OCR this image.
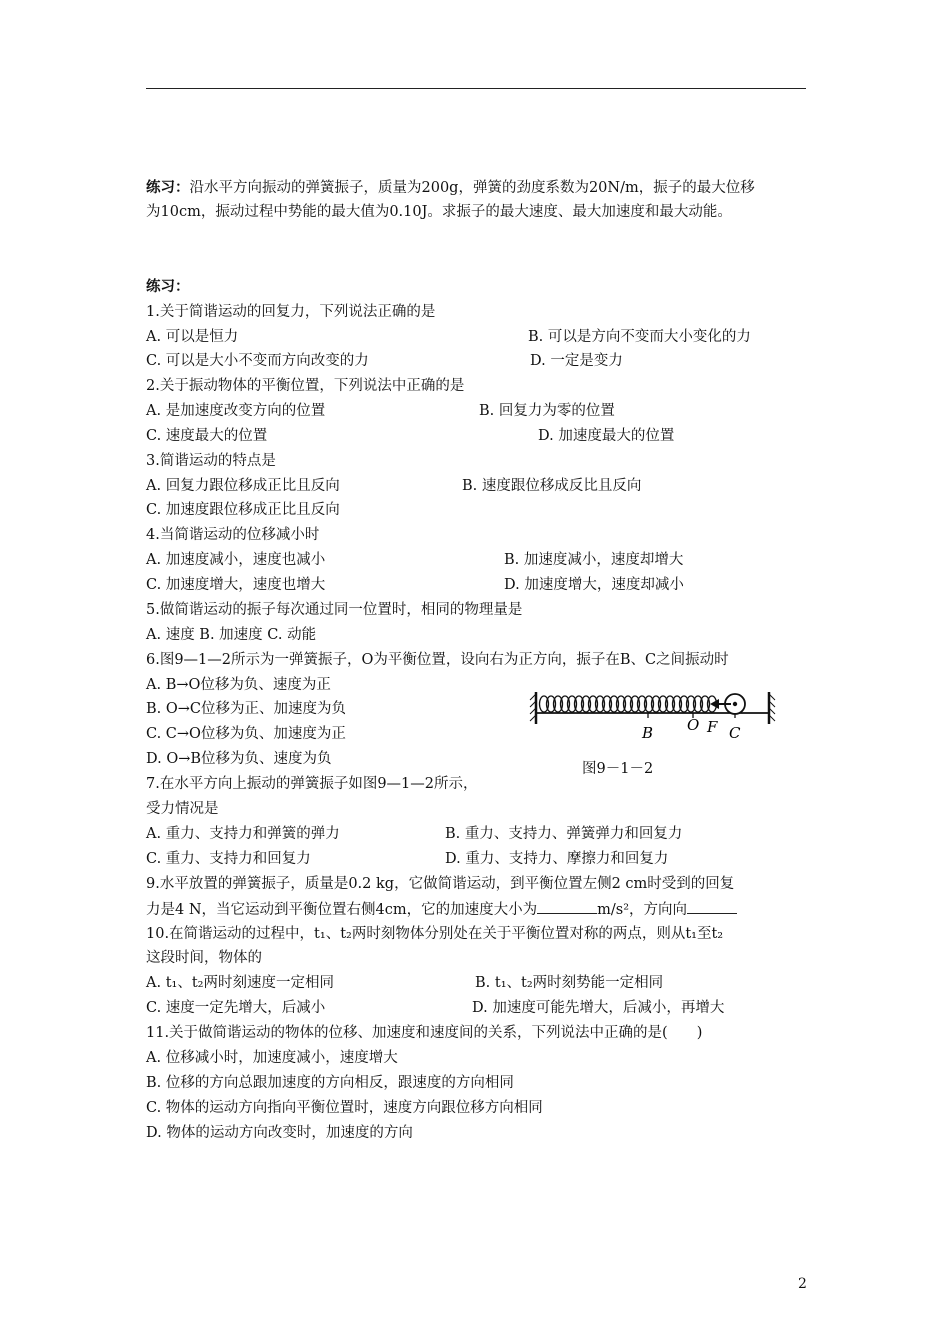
练习：沿水平方向振动的弹簧振子，质量为200g，弹簧的劲度系数为20N/m，振子的最大位移
为10cm，振动过程中势能的最大值为0.10J。求振子的最大速度、最大加速度和最大动能。
练习：
1.关于简谐运动的回复力，下列说法正确的是
A. 可以是恒力	B. 可以是方向不变而大小变化的力
C. 可以是大小不变而方向改变的力	D. 一定是变力
2.关于振动物体的平衡位置，下列说法中正确的是
A. 是加速度改变方向的位置	B. 回复力为零的位置
C. 速度最大的位置	D. 加速度最大的位置
3.简谐运动的特点是
A. 回复力跟位移成正比且反向	B. 速度跟位移成反比且反向
C. 加速度跟位移成正比且反向
4.当简谐运动的位移减小时
A. 加速度减小，速度也减小	B. 加速度减小，速度却增大
C. 加速度增大，速度也增大	D. 加速度增大，速度却减小
5.做简谐运动的振子每次通过同一位置时，相同的物理量是
A. 速度 B. 加速度 C. 动能
6.图9—1—2所示为一弹簧振子，O为平衡位置，设向右为正方向，振子在B、C之间振动时
A. B→O位移为负、速度为正
B. O→C位移为正、加速度为负
C. C→O位移为负、加速度为正
D. O→B位移为负、速度为负
B O F C
图9－1－2
7.在水平方向上振动的弹簧振子如图9—1—2所示，
受力情况是
A. 重力、支持力和弹簧的弹力	B. 重力、支持力、弹簧弹力和回复力
C. 重力、支持力和回复力	D. 重力、支持力、摩擦力和回复力
9.水平放置的弹簧振子，质量是0.2 kg，它做简谐运动，到平衡位置左侧2 cm时受到的回复
力是4 N，当它运动到平衡位置右侧4cm，它的加速度大小为	m/s²，方向向
10.在简谐运动的过程中，t₁、t₂两时刻物体分别处在关于平衡位置对称的两点，则从t₁至t₂
这段时间，物体的
A. t₁、t₂两时刻速度一定相同	B. t₁、t₂两时刻势能一定相同
C. 速度一定先增大，后减小	D. 加速度可能先增大，后减小，再增大
11.关于做简谐运动的物体的位移、加速度和速度间的关系，下列说法中正确的是(　　)
A. 位移减小时，加速度减小，速度增大
B. 位移的方向总跟加速度的方向相反，跟速度的方向相同
C. 物体的运动方向指向平衡位置时，速度方向跟位移方向相同
D. 物体的运动方向改变时，加速度的方向
2
